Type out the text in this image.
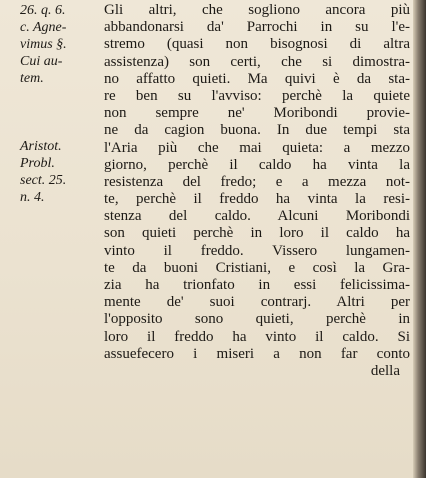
26. q. 6.
c. Agne-
vimus §.
Cui au-
tem.
Aristot.
Probl.
sect. 25.
n. 4.
Gli altri, che sogliono ancora più
abbandonarsi da' Parrochi in su l'e-
stremo (quasi non bisognosi di altra
assistenza) son certi, che si dimostra-
no affatto quieti. Ma quivi è da sta-
re ben su l'avviso: perchè la quiete
non sempre ne' Moribondi provie-
ne da cagion buona. In due tempi sta
l'Aria più che mai quieta: a mezzo
giorno, perchè il caldo ha vinta la
resistenza del fredo; e a mezza not-
te, perchè il freddo ha vinta la resi-
stenza del caldo. Alcuni Moribondi
son quieti perchè in loro il caldo ha
vinto il freddo. Vissero lungamen-
te da buoni Cristiani, e così la Gra-
zia ha trionfato in essi felicissima-
mente de' suoi contrarj. Altri per
l'opposito sono quieti, perchè in
loro il freddo ha vinto il caldo. Si
assuefecero i miseri a non far conto
della
